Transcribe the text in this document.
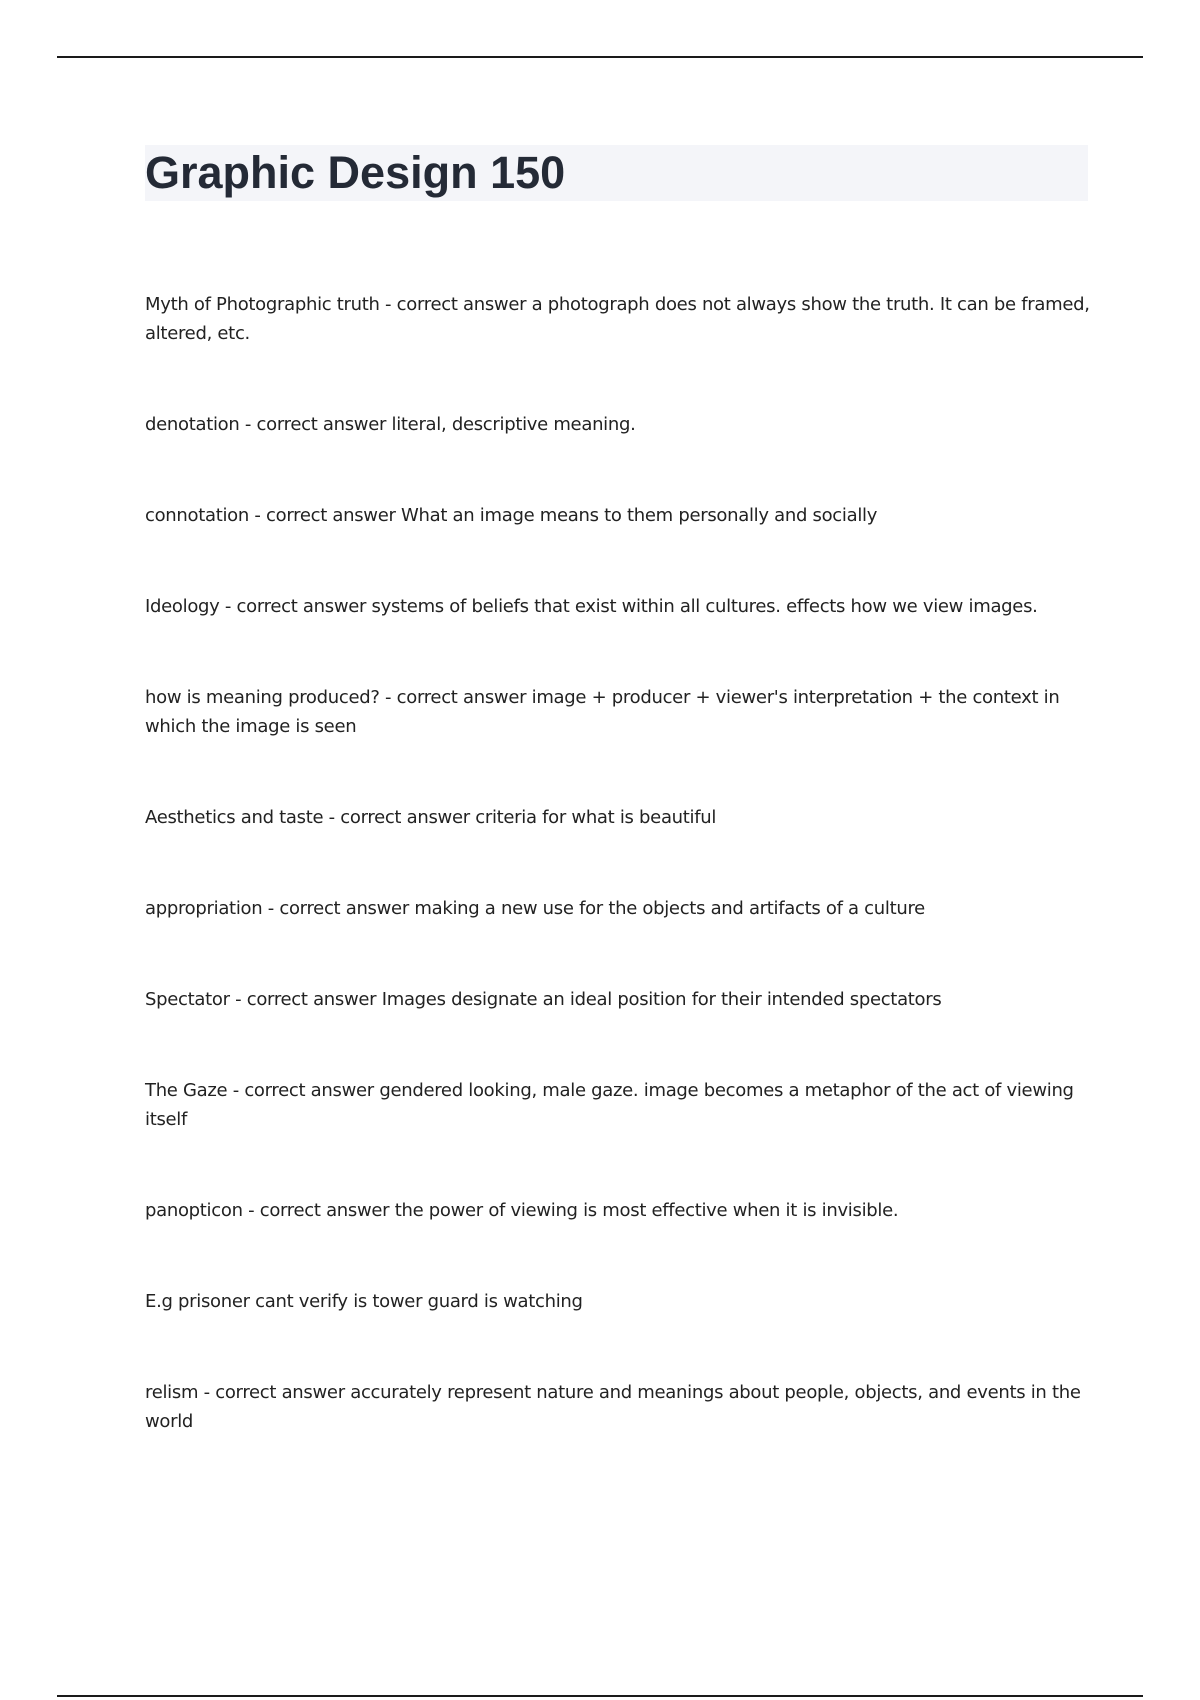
Graphic Design 150
Myth of Photographic truth - correct answer a photograph does not always show the truth. It can be framed, altered, etc.
denotation - correct answer literal, descriptive meaning.
connotation - correct answer What an image means to them personally and socially
Ideology - correct answer systems of beliefs that exist within all cultures. effects how we view images.
how is meaning produced? - correct answer image + producer + viewer's interpretation + the context in which the image is seen
Aesthetics and taste - correct answer criteria for what is beautiful
appropriation - correct answer making a new use for the objects and artifacts of a culture
Spectator - correct answer Images designate an ideal position for their intended spectators
The Gaze - correct answer gendered looking, male gaze. image becomes a metaphor of the act of viewing itself
panopticon - correct answer the power of viewing is most effective when it is invisible.
E.g prisoner cant verify is tower guard is watching
relism - correct answer accurately represent nature and meanings about people, objects, and events in the world
